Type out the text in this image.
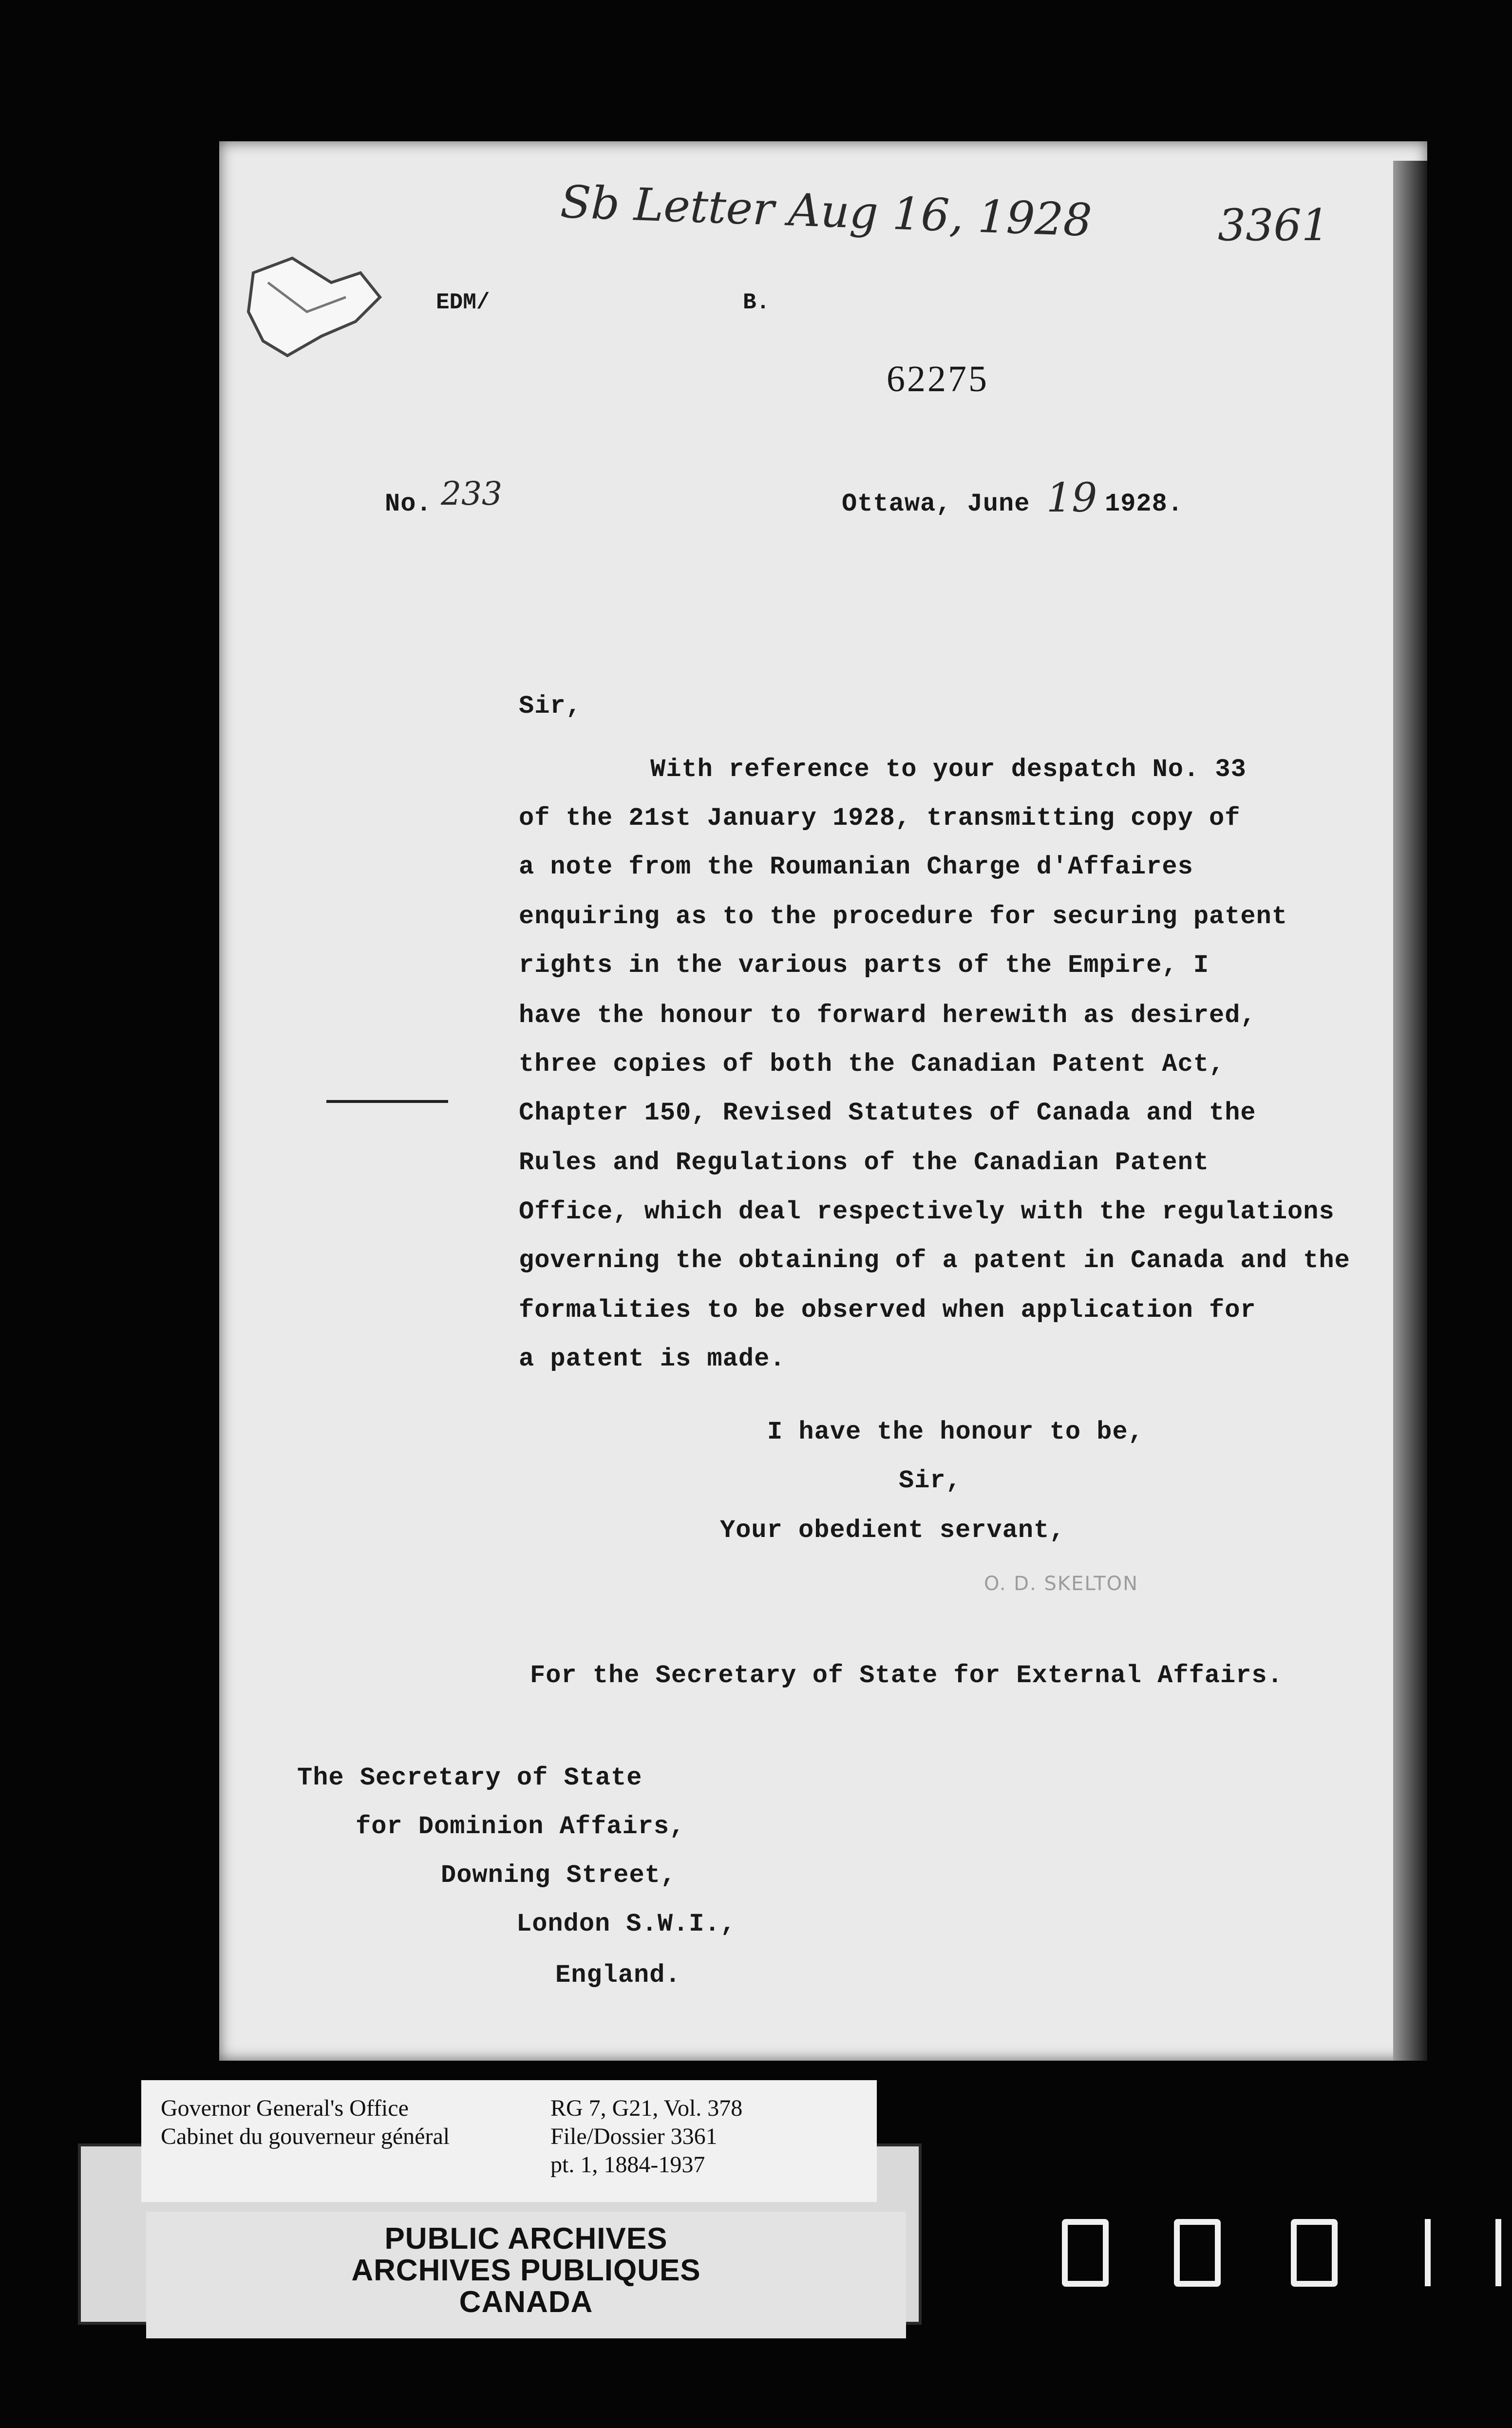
Sb Letter Aug 16, 1928	3361
EDM/	B.
62275
No. 233	Ottawa, June 19 1928.
Sir,
With reference to your despatch No. 33
of the 21st January 1928, transmitting copy of
a note from the Roumanian Charge d'Affaires
enquiring as to the procedure for securing patent
rights in the various parts of the Empire, I
have the honour to forward herewith as desired,
three copies of both the Canadian Patent Act,
Chapter 150, Revised Statutes of Canada and the
Rules and Regulations of the Canadian Patent
Office, which deal respectively with the regulations
governing the obtaining of a patent in Canada and the
formalities to be observed when application for
a patent is made.
I have the honour to be,
Sir,
Your obedient servant,
O. D. SKELTON
For the Secretary of State for External Affairs.
The Secretary of State
for Dominion Affairs,
Downing Street,
London S.W.I.,
England.
Governor General's Office
Cabinet du gouverneur général
RG 7, G21, Vol. 378
File/Dossier 3361
pt. 1, 1884-1937
PUBLIC ARCHIVES
ARCHIVES PUBLIQUES
CANADA
